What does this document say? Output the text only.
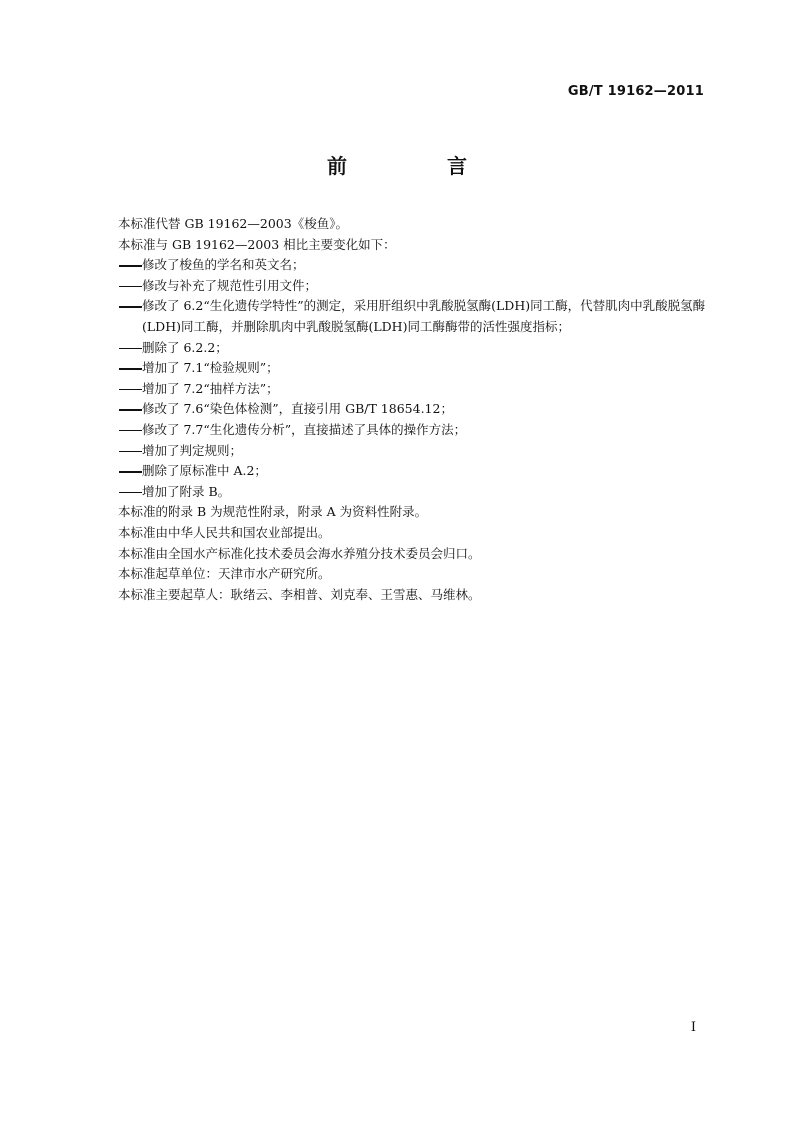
GB/T 19162—2011
前　言

本标准代替 GB 19162—2003《梭鱼》。

本标准与 GB 19162—2003 相比主要变化如下：

修改了梭鱼的学名和英文名；
修改与补充了规范性引用文件；
修改了 6.2“生化遗传学特性”的测定，采用肝组织中乳酸脱氢酶(LDH)同工酶，代替肌肉中乳酸脱氢酶(LDH)同工酶，并删除肌肉中乳酸脱氢酶(LDH)同工酶酶带的活性强度指标；
删除了 6.2.2；
增加了 7.1“检验规则”；
增加了 7.2“抽样方法”；
修改了 7.6“染色体检测”，直接引用 GB/T 18654.12；
修改了 7.7“生化遗传分析”，直接描述了具体的操作方法；
增加了判定规则；
删除了原标准中 A.2；
增加了附录 B。

本标准的附录 B 为规范性附录，附录 A 为资料性附录。

本标准由中华人民共和国农业部提出。

本标准由全国水产标准化技术委员会海水养殖分技术委员会归口。

本标准起草单位：天津市水产研究所。

本标准主要起草人：耿绪云、李相普、刘克奉、王雪惠、马维林。

I
